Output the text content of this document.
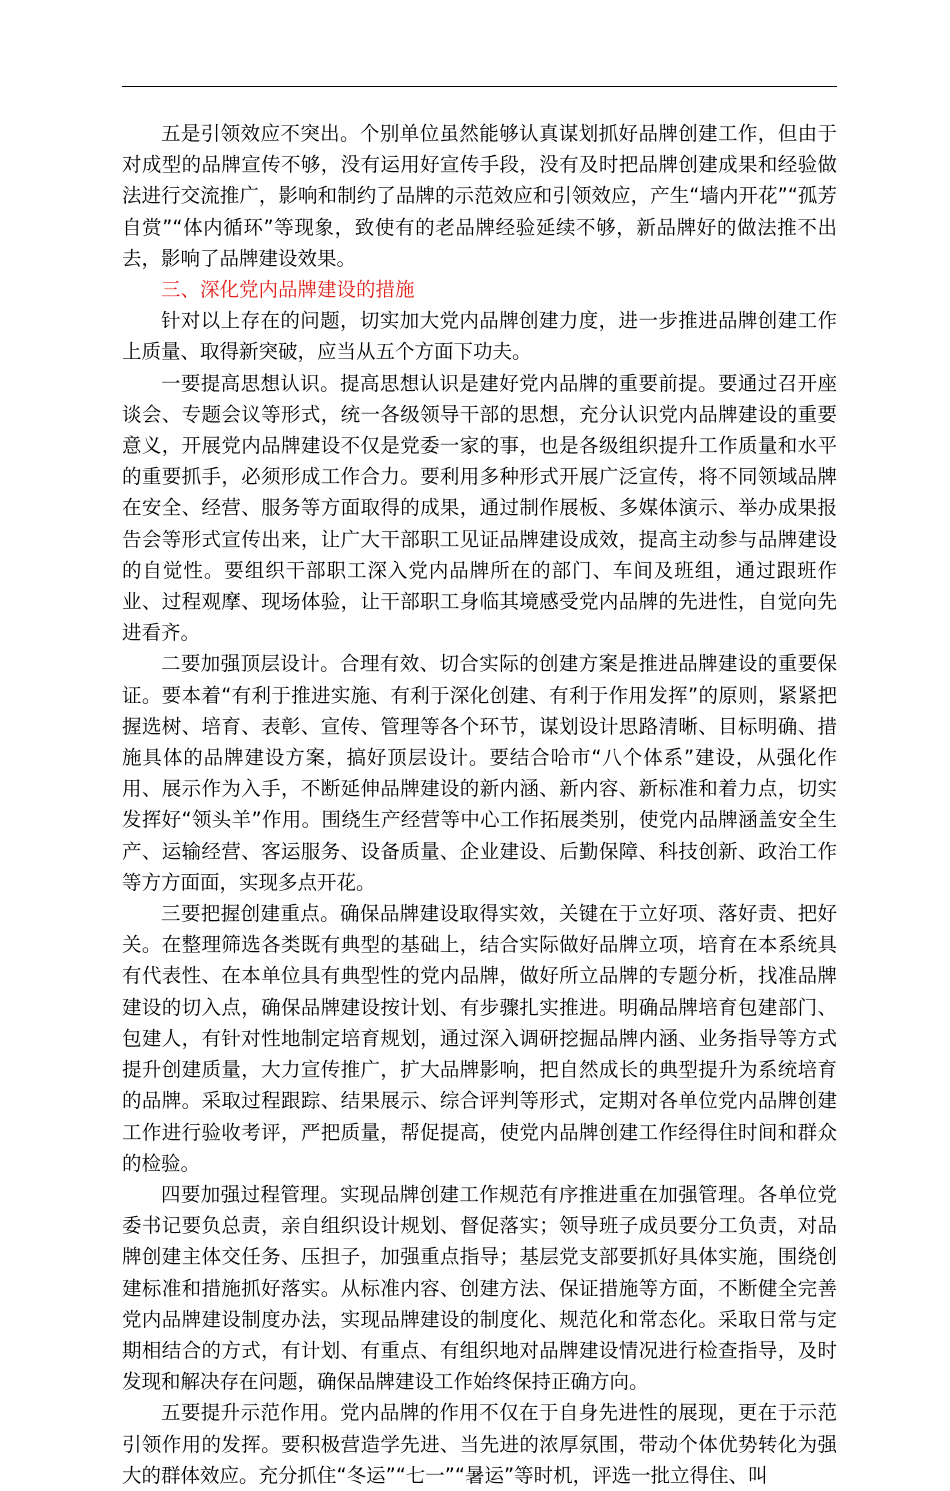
五是引领效应不突出。个别单位虽然能够认真谋划抓好品牌创建工作，但由于对成型的品牌宣传不够，没有运用好宣传手段，没有及时把品牌创建成果和经验做法进行交流推广，影响和制约了品牌的示范效应和引领效应，产生“墙内开花”“孤芳自赏”“体内循环”等现象，致使有的老品牌经验延续不够，新品牌好的做法推不出去，影响了品牌建设效果。

三、深化党内品牌建设的措施

针对以上存在的问题，切实加大党内品牌创建力度，进一步推进品牌创建工作上质量、取得新突破，应当从五个方面下功夫。

一要提高思想认识。提高思想认识是建好党内品牌的重要前提。要通过召开座谈会、专题会议等形式，统一各级领导干部的思想，充分认识党内品牌建设的重要意义，开展党内品牌建设不仅是党委一家的事，也是各级组织提升工作质量和水平的重要抓手，必须形成工作合力。要利用多种形式开展广泛宣传，将不同领域品牌在安全、经营、服务等方面取得的成果，通过制作展板、多媒体演示、举办成果报告会等形式宣传出来，让广大干部职工见证品牌建设成效，提高主动参与品牌建设的自觉性。要组织干部职工深入党内品牌所在的部门、车间及班组，通过跟班作业、过程观摩、现场体验，让干部职工身临其境感受党内品牌的先进性，自觉向先进看齐。

二要加强顶层设计。合理有效、切合实际的创建方案是推进品牌建设的重要保证。要本着“有利于推进实施、有利于深化创建、有利于作用发挥”的原则，紧紧把握选树、培育、表彰、宣传、管理等各个环节，谋划设计思路清晰、目标明确、措施具体的品牌建设方案，搞好顶层设计。要结合哈市“八个体系”建设，从强化作用、展示作为入手，不断延伸品牌建设的新内涵、新内容、新标准和着力点，切实发挥好“领头羊”作用。围绕生产经营等中心工作拓展类别，使党内品牌涵盖安全生产、运输经营、客运服务、设备质量、企业建设、后勤保障、科技创新、政治工作等方方面面，实现多点开花。

三要把握创建重点。确保品牌建设取得实效，关键在于立好项、落好责、把好关。在整理筛选各类既有典型的基础上，结合实际做好品牌立项，培育在本系统具有代表性、在本单位具有典型性的党内品牌，做好所立品牌的专题分析，找准品牌建设的切入点，确保品牌建设按计划、有步骤扎实推进。明确品牌培育包建部门、包建人，有针对性地制定培育规划，通过深入调研挖掘品牌内涵、业务指导等方式提升创建质量，大力宣传推广，扩大品牌影响，把自然成长的典型提升为系统培育的品牌。采取过程跟踪、结果展示、综合评判等形式，定期对各单位党内品牌创建工作进行验收考评，严把质量，帮促提高，使党内品牌创建工作经得住时间和群众的检验。

四要加强过程管理。实现品牌创建工作规范有序推进重在加强管理。各单位党委书记要负总责，亲自组织设计规划、督促落实；领导班子成员要分工负责，对品牌创建主体交任务、压担子，加强重点指导；基层党支部要抓好具体实施，围绕创建标准和措施抓好落实。从标准内容、创建方法、保证措施等方面，不断健全完善党内品牌建设制度办法，实现品牌建设的制度化、规范化和常态化。采取日常与定期相结合的方式，有计划、有重点、有组织地对品牌建设情况进行检查指导，及时发现和解决存在问题，确保品牌建设工作始终保持正确方向。

五要提升示范作用。党内品牌的作用不仅在于自身先进性的展现，更在于示范引领作用的发挥。要积极营造学先进、当先进的浓厚氛围，带动个体优势转化为强大的群体效应。充分抓住“冬运”“七一”“暑运”等时机，评选一批立得住、叫
